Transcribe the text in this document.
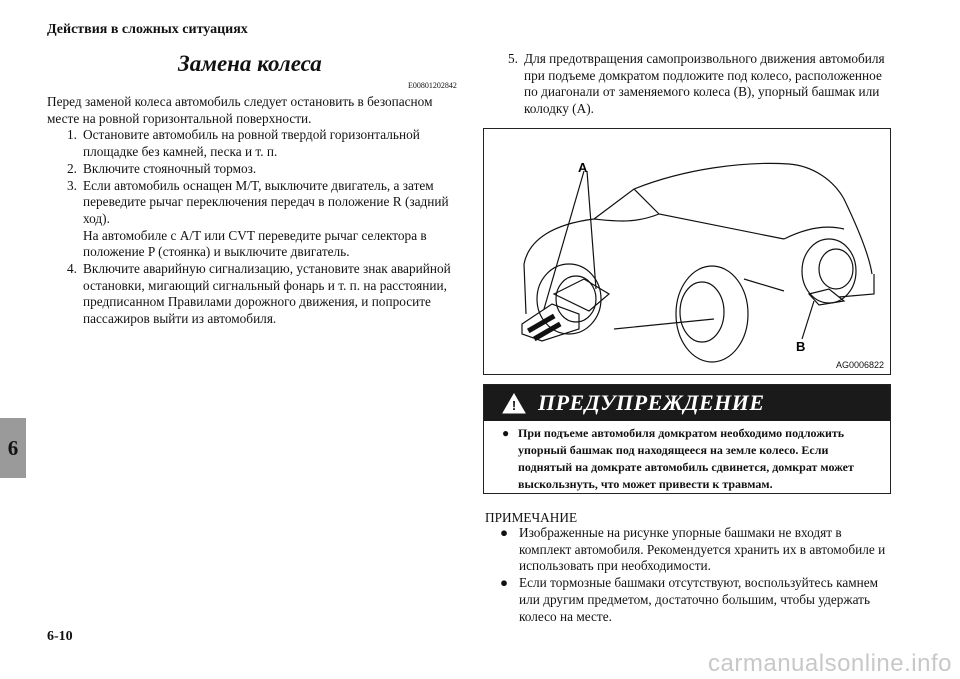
Действия в сложных ситуациях
6
6-10
carmanualsonline.info
Замена колеса
E00801202842

Перед заменой колеса автомобиль следует остановить в безопасном месте на ровной горизонтальной поверхности.

1. Остановите автомобиль на ровной твердой горизонтальной площадке без камней, песка и т. п.
2. Включите стояночный тормоз.
3. Если автомобиль оснащен M/T, выключите двигатель, а затем переведите рычаг переключения передач в положение R (задний ход).
На автомобиле с A/T или CVT переведите рычаг селектора в положение P (стоянка) и выключите двигатель.
4. Включите аварийную сигнализацию, установите знак аварийной остановки, мигающий сигнальный фонарь и т. п. на расстоянии, предписанном Правилами дорожного движения, и попросите пассажиров выйти из автомобиля.
5. Для предотвращения самопроизвольного движения автомобиля при подъеме домкратом подложите под колесо, расположенное по диагонали от заменяемого колеса (B), упорный башмак или колодку (A).
A
B
AG0006822
! ПРЕДУПРЕЖДЕНИЕ
● При подъеме автомобиля домкратом необходимо подложить упорный башмак под находящееся на земле колесо. Если поднятый на домкрате автомобиль сдвинется, домкрат может выскользнуть, что может привести к травмам.
ПРИМЕЧАНИЕ
● Изображенные на рисунке упорные башмаки не входят в комплект автомобиля. Рекомендуется хранить их в автомобиле и использовать при необходимости.
● Если тормозные башмаки отсутствуют, воспользуйтесь камнем или другим предметом, достаточно большим, чтобы удержать колесо на месте.
